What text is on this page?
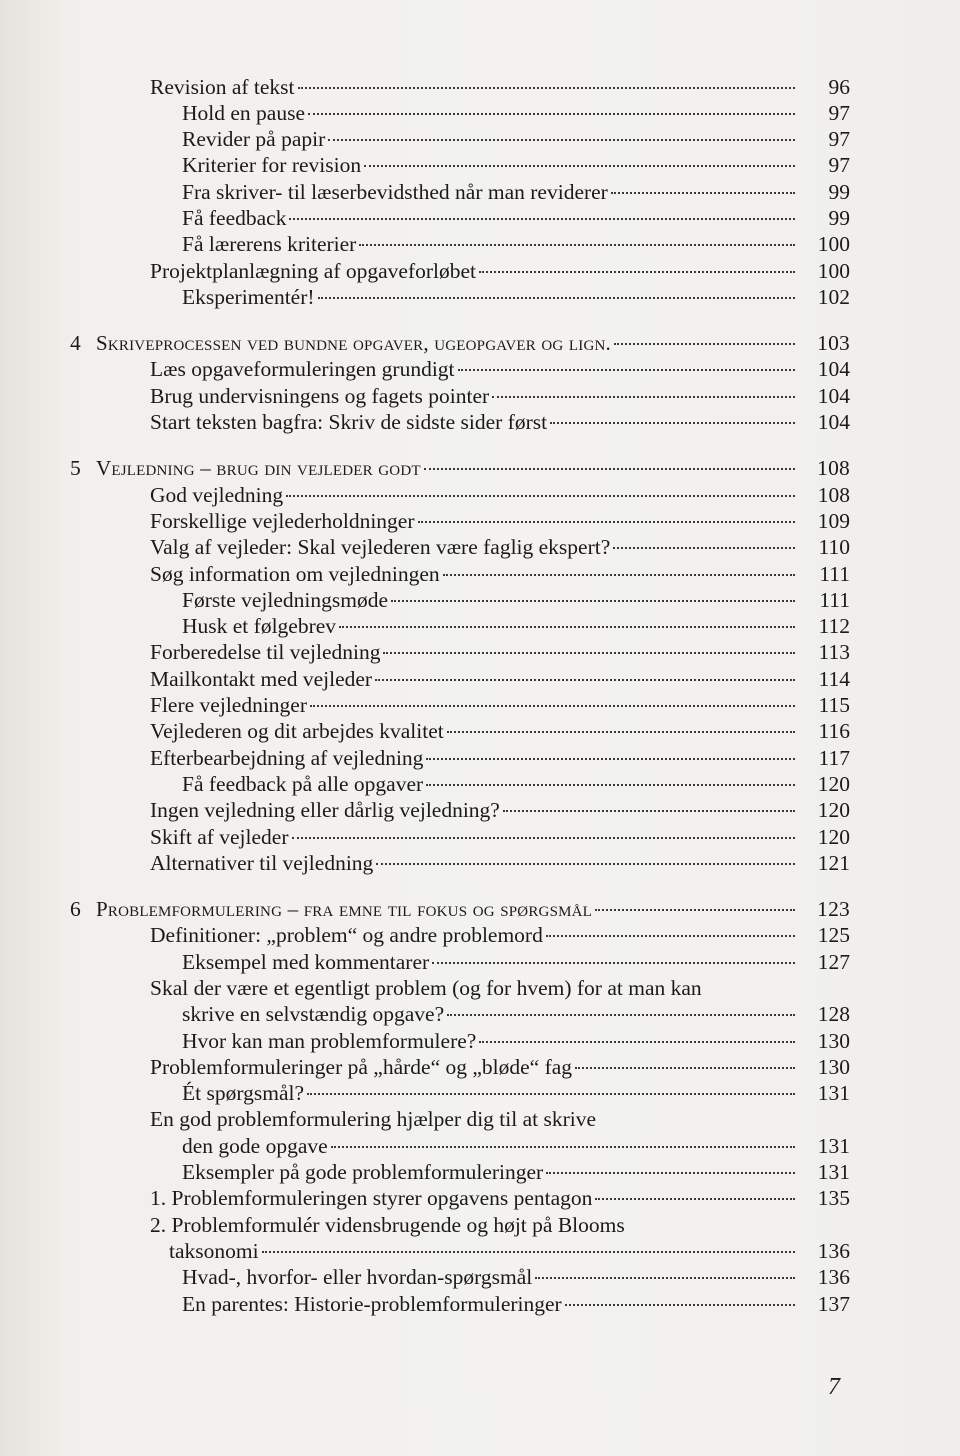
Revision af tekst	96
Hold en pause	97
Revider på papir	97
Kriterier for revision	97
Fra skriver- til læserbevidsthed når man reviderer	99
Få feedback	99
Få lærerens kriterier	100
Projektplanlægning af opgaveforløbet	100
Eksperimentér!	102
4 Skriveprocessen ved bundne opgaver, ugeopgaver og lign.	103
Læs opgaveformuleringen grundigt	104
Brug undervisningens og fagets pointer	104
Start teksten bagfra: Skriv de sidste sider først	104
5 Vejledning – brug din vejleder godt	108
God vejledning	108
Forskellige vejlederholdninger	109
Valg af vejleder: Skal vejlederen være faglig ekspert?	110
Søg information om vejledningen	111
Første vejledningsmøde	111
Husk et følgebrev	112
Forberedelse til vejledning	113
Mailkontakt med vejleder	114
Flere vejledninger	115
Vejlederen og dit arbejdes kvalitet	116
Efterbearbejdning af vejledning	117
Få feedback på alle opgaver	120
Ingen vejledning eller dårlig vejledning?	120
Skift af vejleder	120
Alternativer til vejledning	121
6 Problemformulering – fra emne til fokus og spørgsmål	123
Definitioner: „problem“ og andre problemord	125
Eksempel med kommentarer	127
Skal der være et egentligt problem (og for hvem) for at man kan
skrive en selvstændig opgave?	128
Hvor kan man problemformulere?	130
Problemformuleringer på „hårde“ og „bløde“ fag	130
Ét spørgsmål?	131
En god problemformulering hjælper dig til at skrive
den gode opgave	131
Eksempler på gode problemformuleringer	131
1. Problemformuleringen styrer opgavens pentagon	135
2. Problemformulér vidensbrugende og højt på Blooms
taksonomi	136
Hvad-, hvorfor- eller hvordan-spørgsmål	136
En parentes: Historie-problemformuleringer	137
7
